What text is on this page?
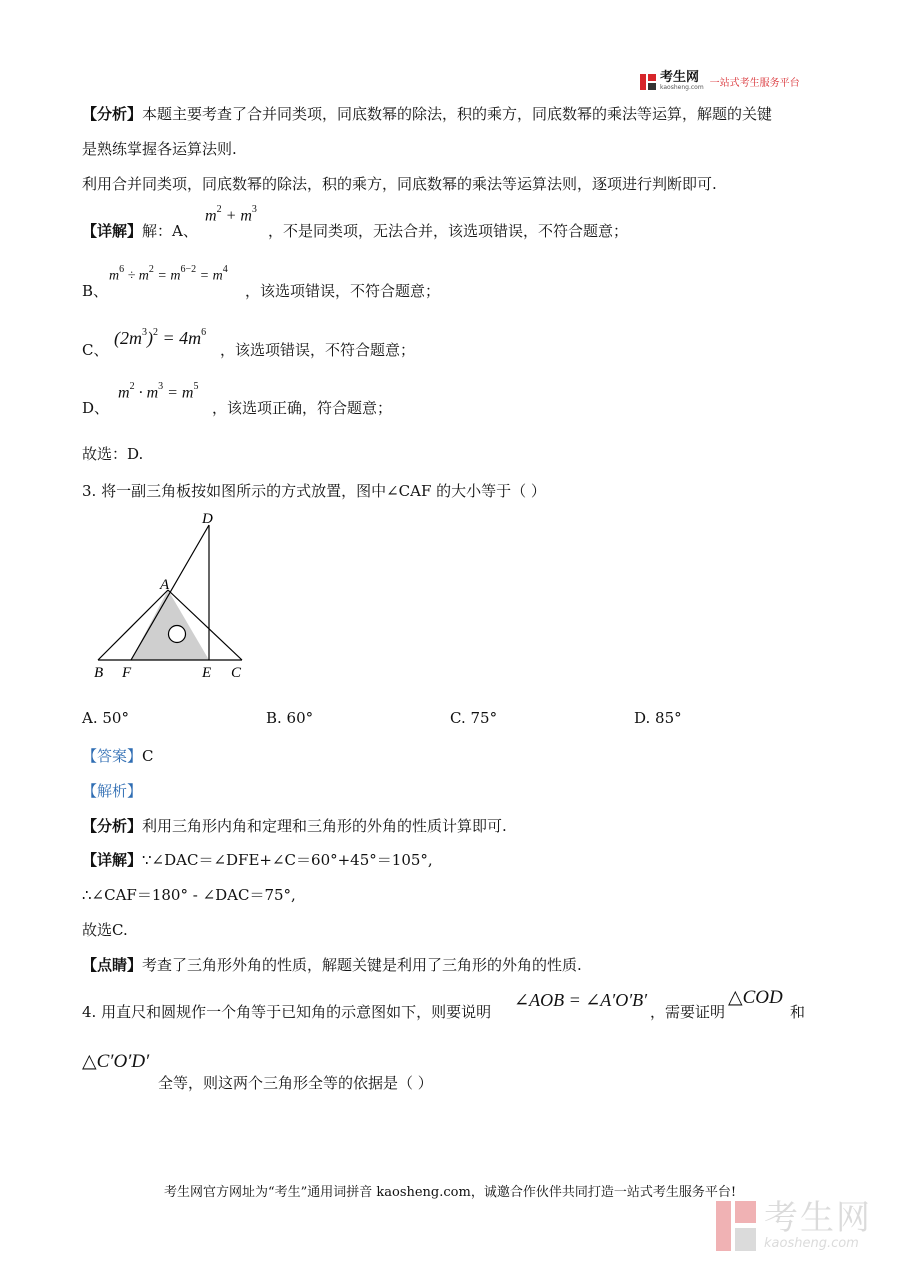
考生网
kaosheng.com 一站式考生服务平台
【分析】本题主要考查了合并同类项，同底数幂的除法，积的乘方，同底数幂的乘法等运算，解题的关键
是熟练掌握各运算法则.
利用合并同类项，同底数幂的除法，积的乘方，同底数幂的乘法等运算法则，逐项进行判断即可.
【详解】解：A、
$m^2 + m^3$
，不是同类项，无法合并，该选项错误，不符合题意；
B、
$m^6 \div m^2 = m^{6-2} = m^4$
，该选项错误，不符合题意；
C、
$(2m^3)^2 = 4m^6$
，该选项错误，不符合题意；
D、
$m^2 \cdot m^3 = m^5$
，该选项正确，符合题意；
故选：D.
3. 将一副三角板按如图所示的方式放置，图中∠CAF 的大小等于（ ）
D
A
B F	E C
A. 50°	B. 60°	C. 75°	D. 85°
【答案】C
【解析】
【分析】利用三角形内角和定理和三角形的外角的性质计算即可.
【详解】∵∠DAC＝∠DFE+∠C＝60°+45°＝105°,
∴∠CAF＝180° - ∠DAC＝75°,
故选C.
【点睛】考查了三角形外角的性质，解题关键是利用了三角形的外角的性质.
4. 用直尺和圆规作一个角等于已知角的示意图如下，则要说明
∠AOB = ∠A′O′B′
，需要证明
△COD
和
△C′O′D′
全等，则这两个三角形全等的依据是（ ）
考生网官方网址为“考生”通用词拼音 kaosheng.com，诚邀合作伙伴共同打造一站式考生服务平台!
考生网
kaosheng.com
